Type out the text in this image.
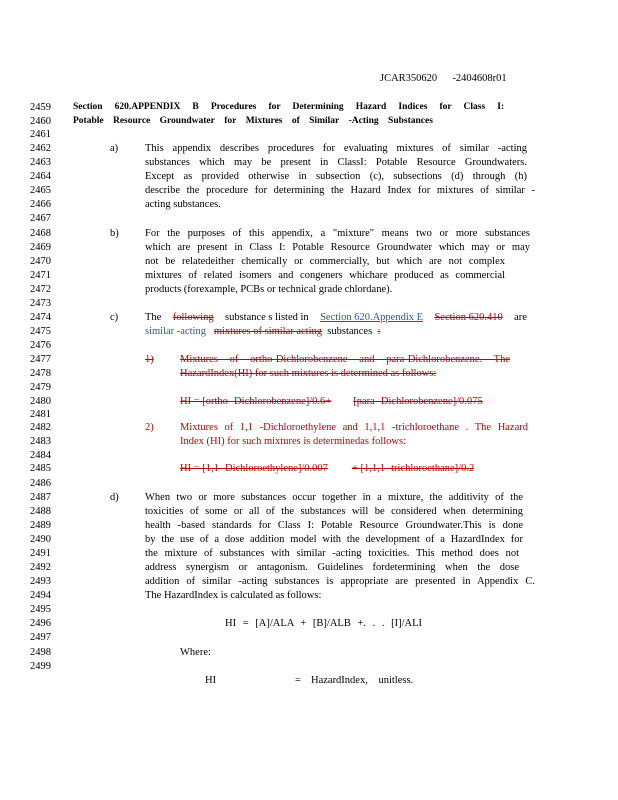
JCAR350620 -2404608r01
2459
2460
2461
2462
2463
2464
2465
2466
2467
2468
2469
2470
2471
2472
2473
2474
2475
2476
2477
2478
2479
2480
2481
2482
2483
2484
2485
2486
2487
2488
2489
2490
2491
2492
2493
2494
2495
2496
2497
2498
2499
Section 620.APPENDIX B Procedures for Determining Hazard Indices for Class I:
Potable Resource Groundwater for Mixtures of Similar -Acting Substances
a)	This appendix describes procedures for evaluating mixtures of similar -acting
substances which may be present in ClassI: Potable Resource Groundwaters.
Except as provided otherwise in subsection (c), subsections (d) through (h)
describe the procedure for determining the Hazard Index for mixtures of similar -
acting substances.
b)	For the purposes of this appendix, a "mixture" means two or more substances
which are present in Class I: Potable Resource Groundwater which may or may
not be relatedeither chemically or commercially, but which are not complex
mixtures of related isomers and congeners whichare produced as commercial
products (forexample, PCBs or technical grade chlordane).
c)	The following substance s listed in Section 620.Appendix E Section 620.410 are
similar -acting mixtures of similar acting substances :
1)	Mixtures of ortho-Dichlorobenzene and para-Dichlorobenzene. The
HazardIndex(HI) for such mixtures is determined as follows:
HI = [ortho -Dichlorobenzene]/0.6+ [para -Dichlorobenzene]/0.075
2)	Mixtures of 1,1 -Dichloroethylene and 1,1,1 -trichloroethane . The Hazard
Index (HI) for such mixtures is determinedas follows:
HI = [1,1 -Dichloroethylene]/0.007 + [1,1,1 -trichloroethane]/0.2
d)	When two or more substances occur together in a mixture, the additivity of the
toxicities of some or all of the substances will be considered when determining
health -based standards for Class I: Potable Resource Groundwater.This is done
by the use of a dose addition model with the development of a HazardIndex for
the mixture of substances with similar -acting toxicities. This method does not
address synergism or antagonism. Guidelines fordetermining when the dose
addition of similar -acting substances is appropriate are presented in Appendix C.
The HazardIndex is calculated as follows:
HI = [A]/ALA + [B]/ALB +. . . [I]/ALI
Where:
HI	= HazardIndex, unitless.
